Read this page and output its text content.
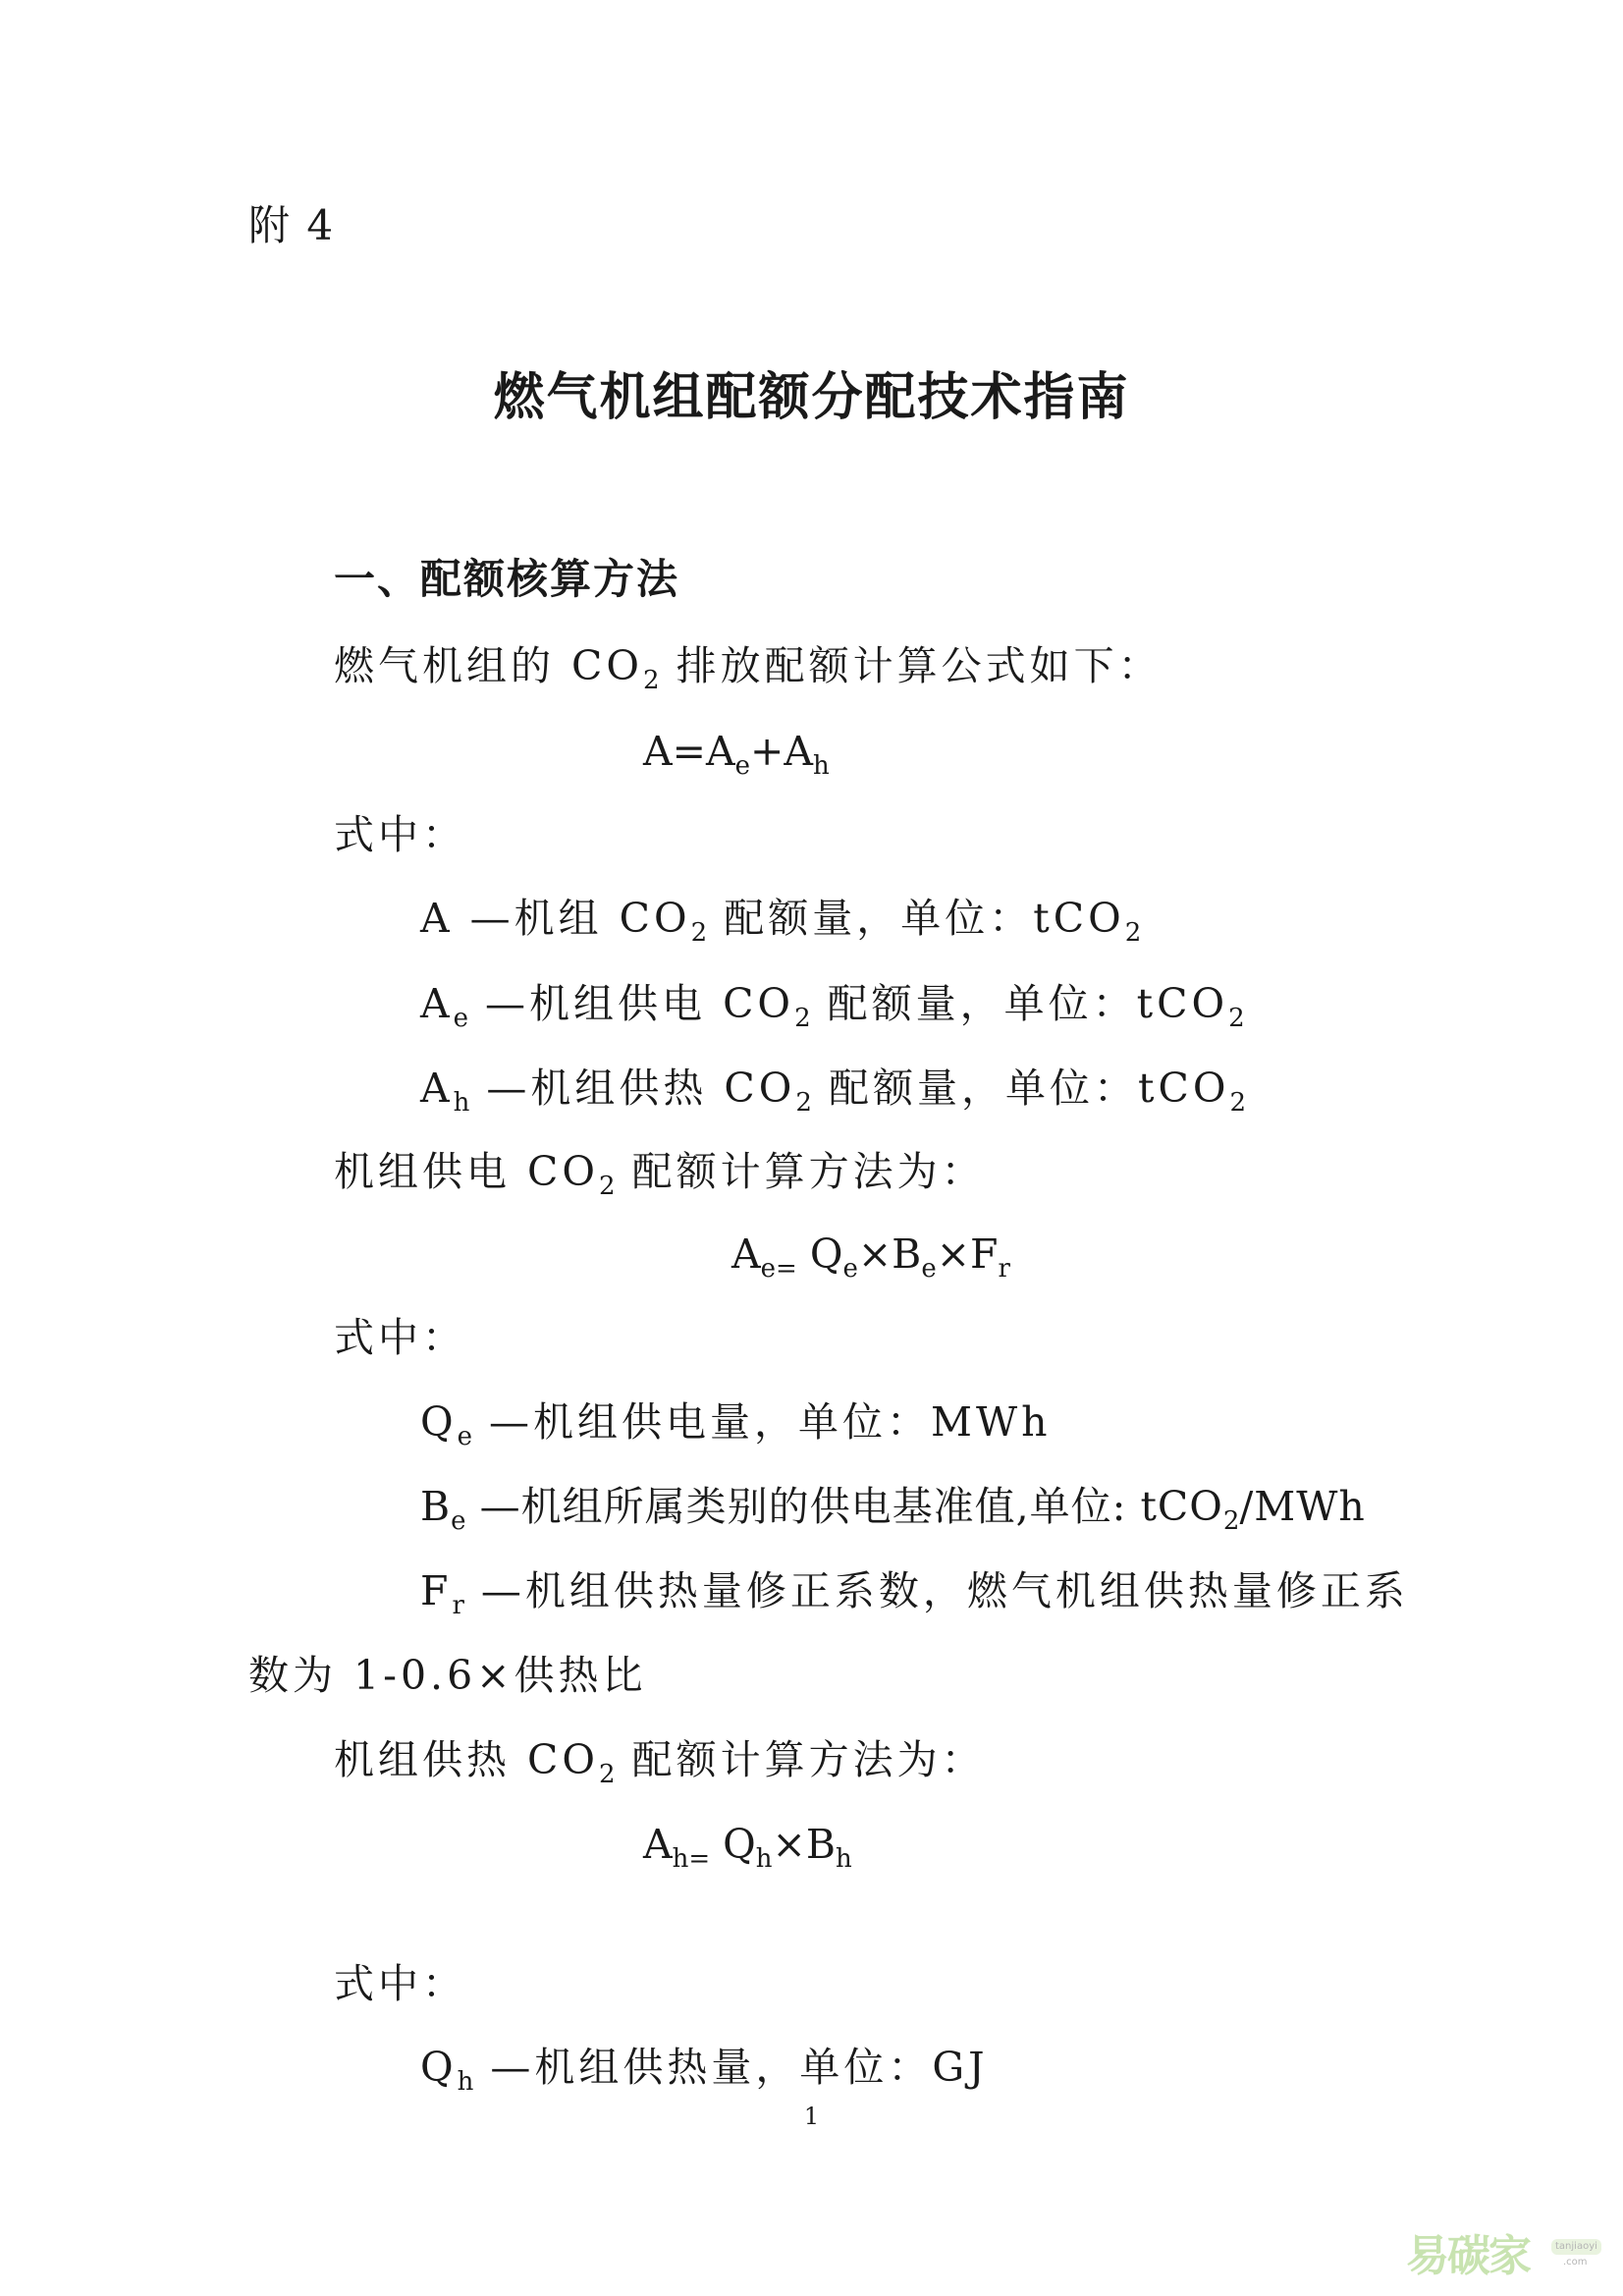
附 4
燃气机组配额分配技术指南
一、配额核算方法
燃气机组的 $CO_2$ 排放配额计算公式如下：
$A=A_e+A_h$
式中：
A —机组 $CO_2$ 配额量，单位：tCO$_2$
$A_e$ —机组供电 $CO_2$ 配额量，单位：tCO$_2$
$A_h$ —机组供热 $CO_2$ 配额量，单位：tCO$_2$
机组供电 $CO_2$ 配额计算方法为：
$A_{e=}$ $Q_e\times B_e\times F_r$
式中：
$Q_e$ —机组供电量，单位：MWh
$B_e$ —机组所属类别的供电基准值,单位: tCO$_2$/MWh
$F_r$ —机组供热量修正系数，燃气机组供热量修正系
数为 1-0.6×供热比
机组供热 $CO_2$ 配额计算方法为：
$A_{h=}$ $Q_h\times B_h$
式中：
$Q_h$ —机组供热量，单位：GJ
1
易碳家	tanjiaoyi
.com
